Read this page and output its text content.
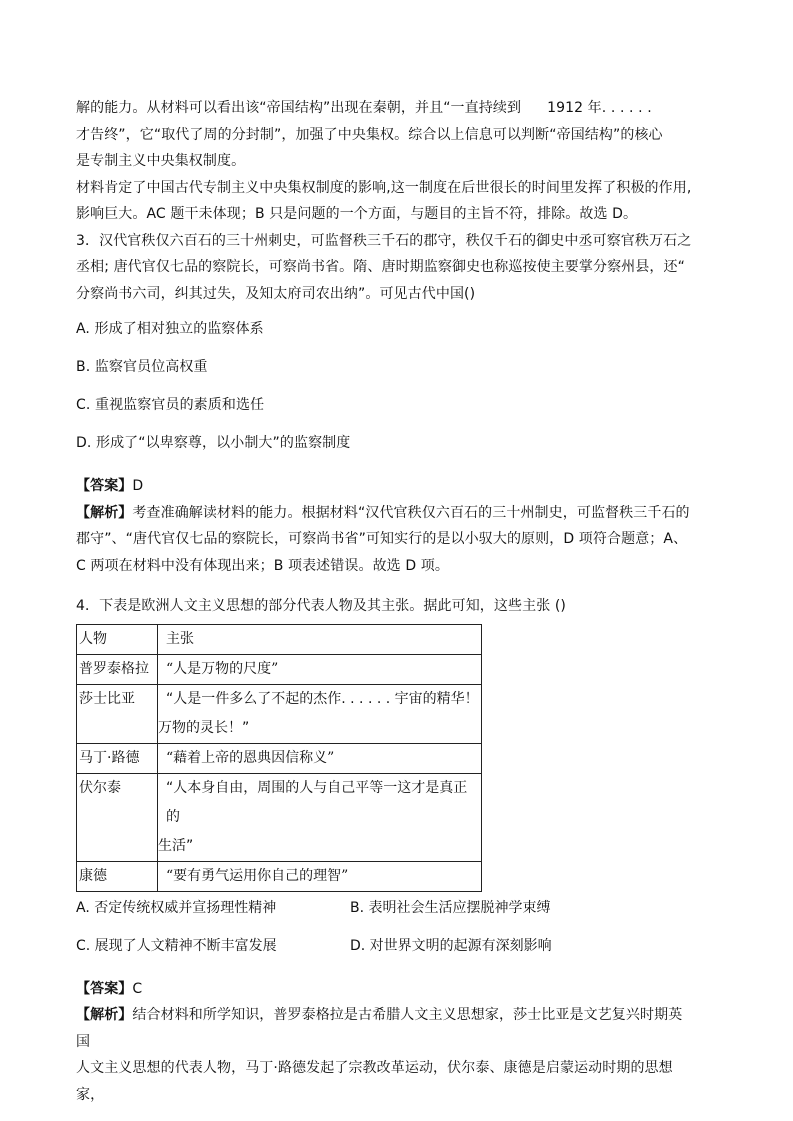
解的能力。从材料可以看出该“帝国结构”出现在秦朝，并且“一直持续到 1912 年. . . . . .

才告终”，它“取代了周的分封制”，加强了中央集权。综合以上信息可以判断“帝国结构”的核心

是专制主义中央集权制度。

材料肯定了中国古代专制主义中央集权制度的影响,这一制度在后世很长的时间里发挥了积极的作用,

影响巨大。AC 题干未体现；B 只是问题的一个方面，与题目的主旨不符，排除。故选 D。

3．汉代官秩仅六百石的三十州刺史，可监督秩三千石的郡守，秩仅千石的御史中丞可察官秩万石之

丞相; 唐代官仅七品的察院长，可察尚书省。隋、唐时期监察御史也称巡按使主要掌分察州县，还“

分察尚书六司，纠其过失，及知太府司农出纳”。可见古代中国()

A. 形成了相对独立的监察体系

B. 监察官员位高权重

C. 重视监察官员的素质和选任

D. 形成了“以卑察尊，以小制大”的监察制度

【答案】D

【解析】考查准确解读材料的能力。根据材料“汉代官秩仅六百石的三十州制史，可监督秩三千石的

郡守”、“唐代官仅七品的察院长，可察尚书省”可知实行的是以小驭大的原则，D 项符合题意；A、

C 两项在材料中没有体现出来；B 项表述错误。故选 D 项。

4．下表是欧洲人文主义思想的部分代表人物及其主张。据此可知，这些主张 ()

人物	主张
普罗泰格拉	“人是万物的尺度”
莎士比亚	“人是一件多么了不起的杰作. . . . . . 宇宙的精华！
万物的灵长！”

马丁·路德	“藉着上帝的恩典因信称义”
伏尔泰	“人本身自由，周围的人与自己平等一这才是真正的
生活”

康德	“要有勇气运用你自己的理智”
A. 否定传统权威并宣扬理性精神	B. 表明社会生活应摆脱神学束缚
C. 展现了人文精神不断丰富发展	D. 对世界文明的起源有深刻影响

【答案】C

【解析】结合材料和所学知识，普罗泰格拉是古希腊人文主义思想家，莎士比亚是文艺复兴时期英国

人文主义思想的代表人物，马丁·路德发起了宗教改革运动，伏尔泰、康德是启蒙运动时期的思想家，
